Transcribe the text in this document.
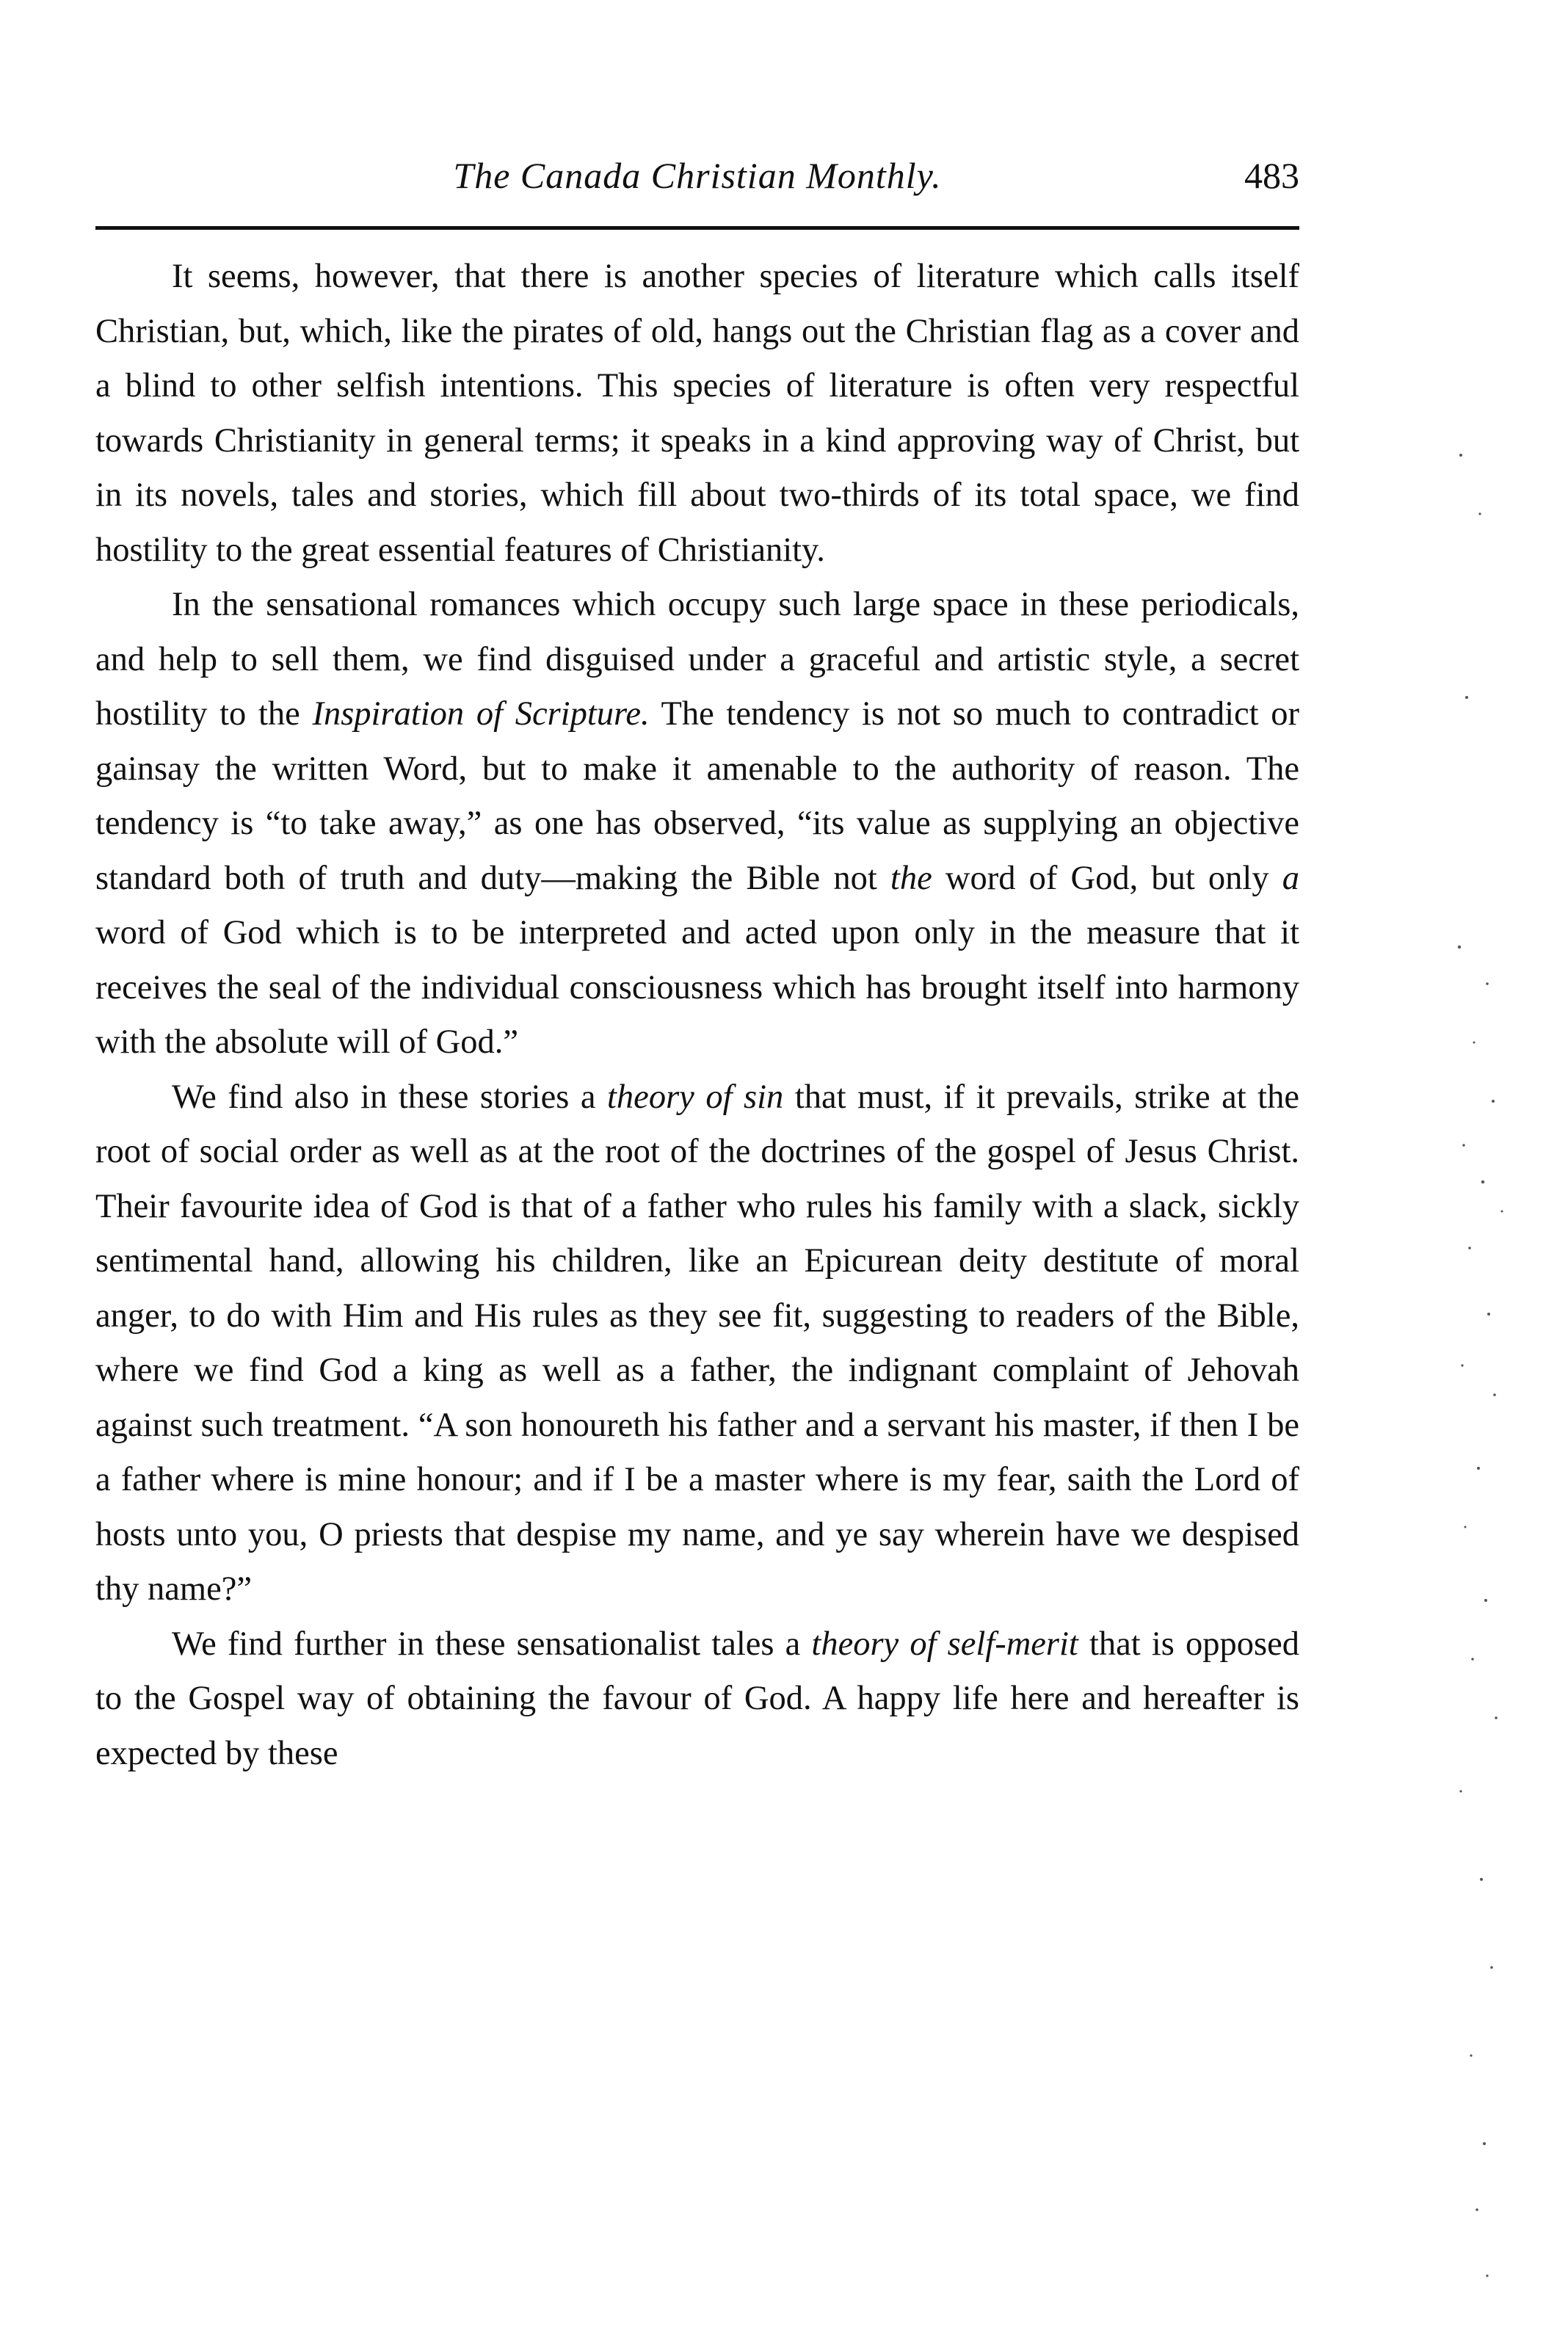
The Canada Christian Monthly.	483

It seems, however, that there is another species of literature which calls itself Christian, but, which, like the pirates of old, hangs out the Christian flag as a cover and a blind to other selfish intentions. This species of literature is often very respectful towards Christianity in general terms; it speaks in a kind approving way of Christ, but in its novels, tales and stories, which fill about two-thirds of its total space, we find hostility to the great essential features of Christianity.

In the sensational romances which occupy such large space in these periodicals, and help to sell them, we find disguised under a graceful and artistic style, a secret hostility to the Inspiration of Scripture. The tendency is not so much to contradict or gainsay the written Word, but to make it amenable to the authority of reason. The tendency is “to take away,” as one has observed, “its value as supplying an objective standard both of truth and duty—making the Bible not the word of God, but only a word of God which is to be interpreted and acted upon only in the measure that it receives the seal of the individual consciousness which has brought itself into harmony with the absolute will of God.”

We find also in these stories a theory of sin that must, if it prevails, strike at the root of social order as well as at the root of the doctrines of the gospel of Jesus Christ. Their favourite idea of God is that of a father who rules his family with a slack, sickly sentimental hand, allowing his children, like an Epicurean deity destitute of moral anger, to do with Him and His rules as they see fit, suggesting to readers of the Bible, where we find God a king as well as a father, the indignant complaint of Jehovah against such treatment. “A son honoureth his father and a servant his master, if then I be a father where is mine honour; and if I be a master where is my fear, saith the Lord of hosts unto you, O priests that despise my name, and ye say wherein have we despised thy name?”

We find further in these sensationalist tales a theory of self-merit that is opposed to the Gospel way of obtaining the favour of God. A happy life here and hereafter is expected by these
